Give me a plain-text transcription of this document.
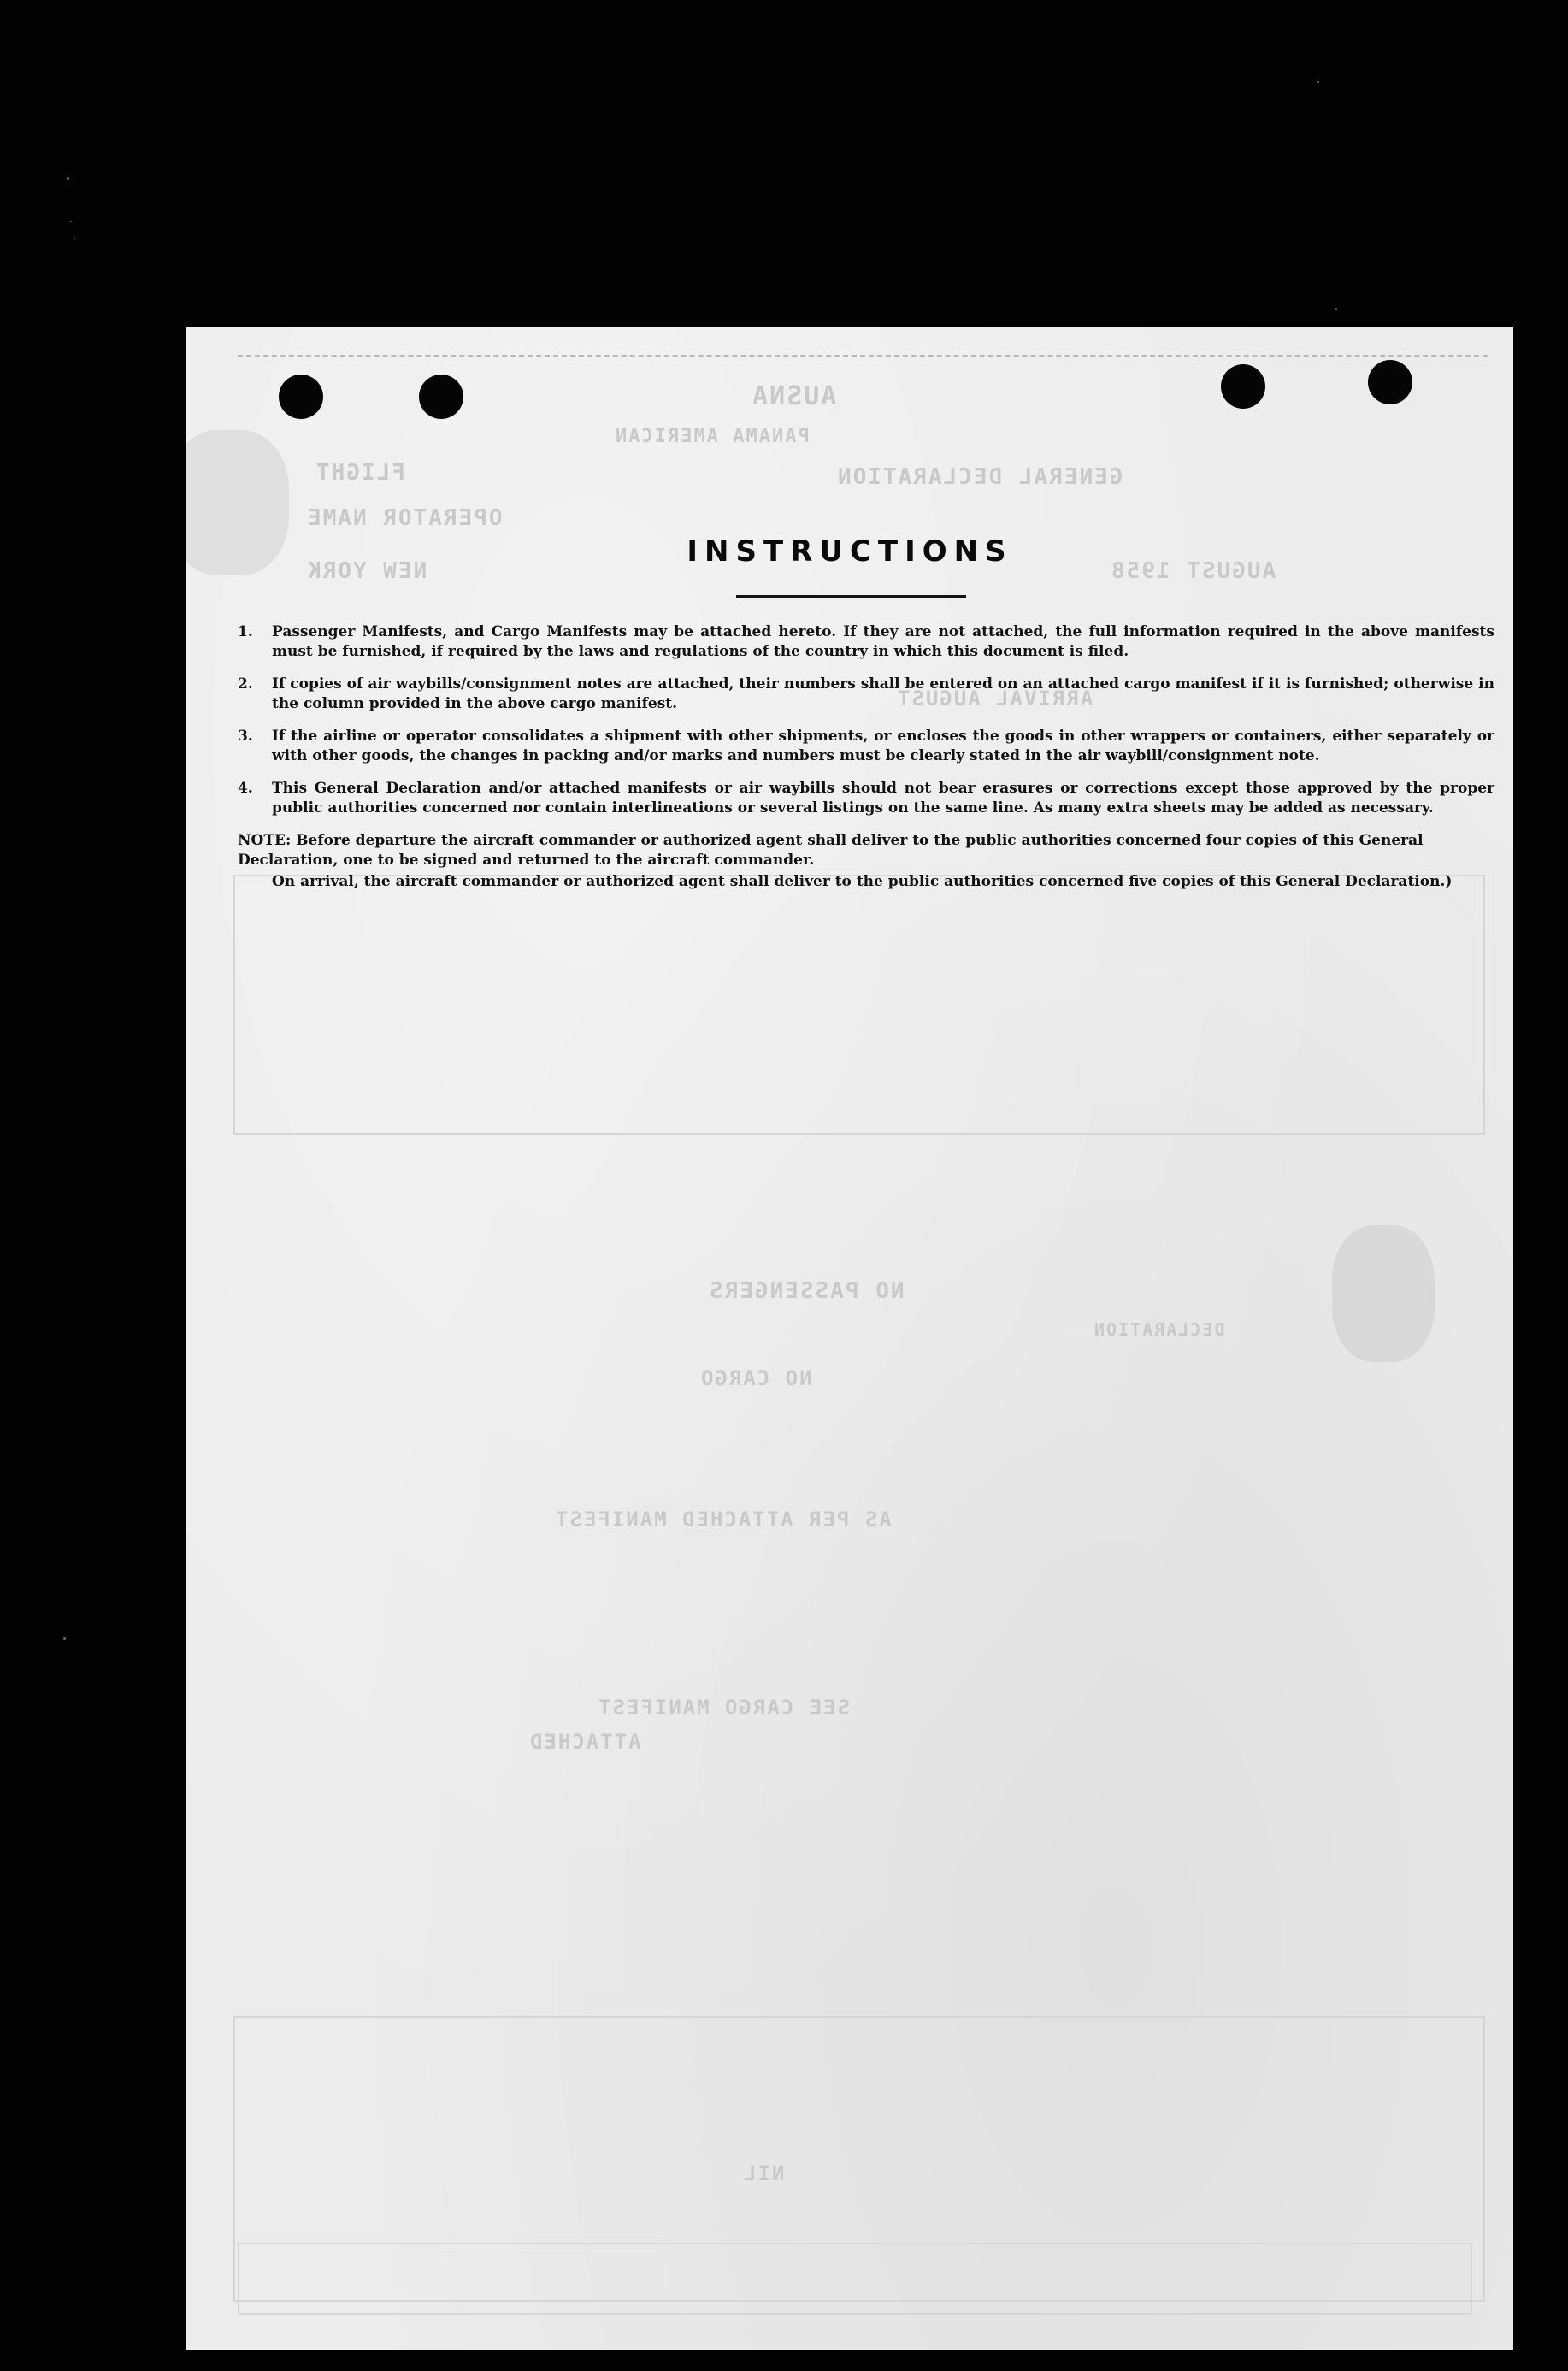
AUSNA
PANAMA AMERICAN
GENERAL DECLARATION
FLIGHT
OPERATOR NAME
NEW YORK	AUGUST 1958
ARRIVAL AUGUST
NO PASSENGERS
NO CARGO
AS PER ATTACHED MANIFEST
SEE CARGO MANIFEST
ATTACHED
NIL
DECLARATION
INSTRUCTIONS
1.	Passenger Manifests, and Cargo Manifests may be attached hereto. If they are not attached, the full information required in the above manifests must be furnished, if required by the laws and regulations of the country in which this document is filed.
2.	If copies of air waybills/consignment notes are attached, their numbers shall be entered on an attached cargo manifest if it is furnished; otherwise in the column provided in the above cargo manifest.
3.	If the airline or operator consolidates a shipment with other shipments, or encloses the goods in other wrappers or containers, either separately or with other goods, the changes in packing and/or marks and numbers must be clearly stated in the air waybill/consignment note.
4.	This General Declaration and/or attached manifests or air waybills should not bear erasures or corrections except those approved by the proper public authorities concerned nor contain interlineations or several listings on the same line. As many extra sheets may be added as necessary.
NOTE: Before departure the aircraft commander or authorized agent shall deliver to the public authorities concerned four copies of this General Declaration, one to be signed and returned to the aircraft commander.
On arrival, the aircraft commander or authorized agent shall deliver to the public authorities concerned five copies of this General Declaration.)
